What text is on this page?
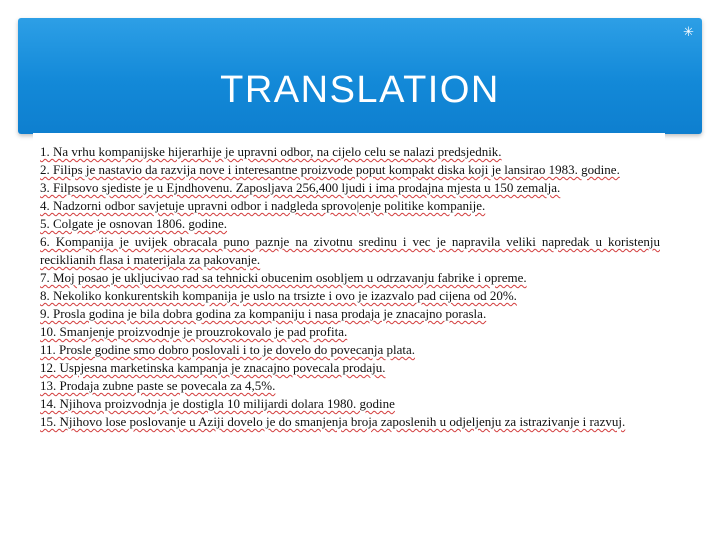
✳
TRANSLATION

1. Na vrhu kompanijske hijerarhije je upravni odbor, na cijelo celu se nalazi predsjednik.

2. Filips je nastavio da razvija nove i interesantne proizvode poput kompakt diska koji je lansirao 1983. godine.

3. Filpsovo sjediste je u Ejndhovenu. Zaposljava 256,400 ljudi i ima prodajna mjesta u 150 zemalja.

4. Nadzorni odbor savjetuje upravni odbor i nadgleda sprovo|enje politike kompanije.

5. Colgate je osnovan 1806. godine.

6. Kompanija je uvijek obracala puno paznje na zivotnu sredinu i vec je napravila veliki napredak u koristenju reciklianih flasa i materijala za pakovanje.

7. Moj posao je ukljucivao rad sa tehnicki obucenim osobljem u odrzavanju fabrike i opreme.

8. Nekoliko konkurentskih kompanija je uslo na trsizte i ovo je izazvalo pad cijena od 20%.

9. Prosla godina je bila dobra godina za kompaniju i nasa prodaja je znacajno porasla.

10. Smanjenje proizvodnje je prouzrokovalo je pad profita.

11. Prosle godine smo dobro poslovali i to je dovelo do povecanja plata.

12. Uspjesna marketinska kampanja je znacajno povecala prodaju.

13. Prodaja zubne paste se povecala za 4,5%.

14. Njihova proizvodnja je dostigla 10 milijardi dolara 1980. godine

15. Njihovo lose poslovanje u Aziji dovelo je do smanjenja broja zaposlenih u odjeljenju za istrazivanje i razvuj.
